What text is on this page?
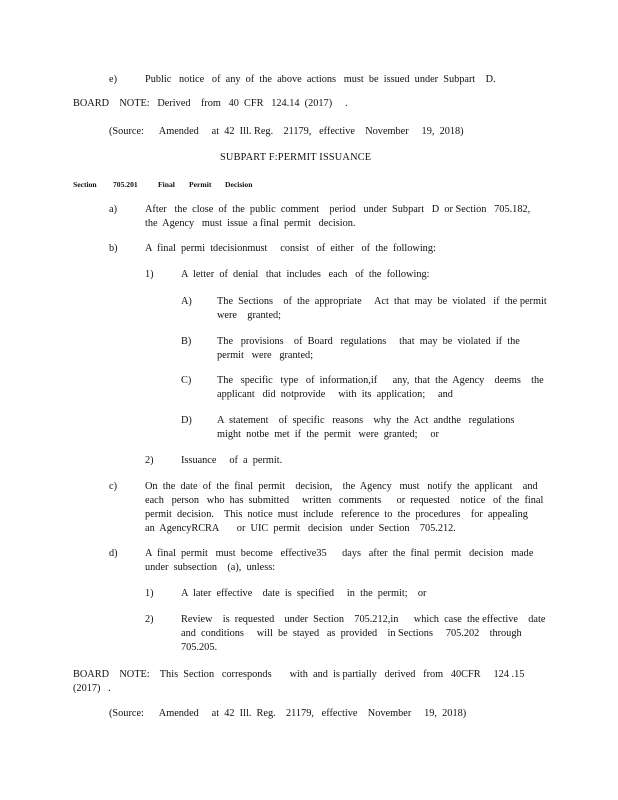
e)	Public   notice   of  any  of  the  above  actions   must  be  issued  under  Subpart    D.
BOARD    NOTE:   Derived    from   40  CFR   124.14  (2017)     .
(Source:      Amended     at  42  Ill. Reg.    21179,   effective    November     19,  2018)
SUBPART F:PERMIT ISSUANCE
Section 705.201	Final Permit Decision
a)	After   the  close  of  the  public  comment    period   under  Subpart   D  or Section   705.182,
the  Agency   must  issue  a final  permit   decision.
b)	A  final  permi  tdecisionmust     consist   of  either   of  the  following:
1)	A  letter  of  denial   that  includes   each   of  the  following:
A) The  Sections    of  the  appropriate     Act  that  may  be  violated   if  the permit
were    granted;
B) The   provisions    of  Board   regulations     that  may  be  violated  if  the
permit   were   granted;
C) The   specific   type   of  information,if      any,  that  the  Agency    deems    the
applicant   did  notprovide     with  its  application;     and
D) A  statement    of  specific   reasons    why  the  Act  andthe   regulations
might  notbe  met  if  the  permit   were  granted;     or
2)	Issuance     of  a  permit.
c)	On  the  date  of  the  final  permit    decision,    the  Agency   must   notify  the  applicant    and
each   person   who  has  submitted     written   comments      or  requested    notice   of  the  final
permit  decision.    This  notice  must  include   reference  to  the  procedures    for  appealing
an  AgencyRCRA       or  UIC  permit   decision   under  Section    705.212.
d)	A  final  permit   must  become   effective35      days   after  the  final  permit   decision   made
under  subsection    (a),  unless:
1)	A  later  effective    date  is  specified     in  the  permit;    or
2)	Review    is  requested    under  Section    705.212,in      which  case  the effective    date
and  conditions     will  be  stayed   as  provided    in Sections     705.202    through
705.205.
BOARD    NOTE:    This  Section   corresponds       with  and  is partially   derived   from   40CFR     124 .15
(2017)   .
(Source:      Amended     at  42  Ill.  Reg.    21179,   effective    November     19,  2018)
